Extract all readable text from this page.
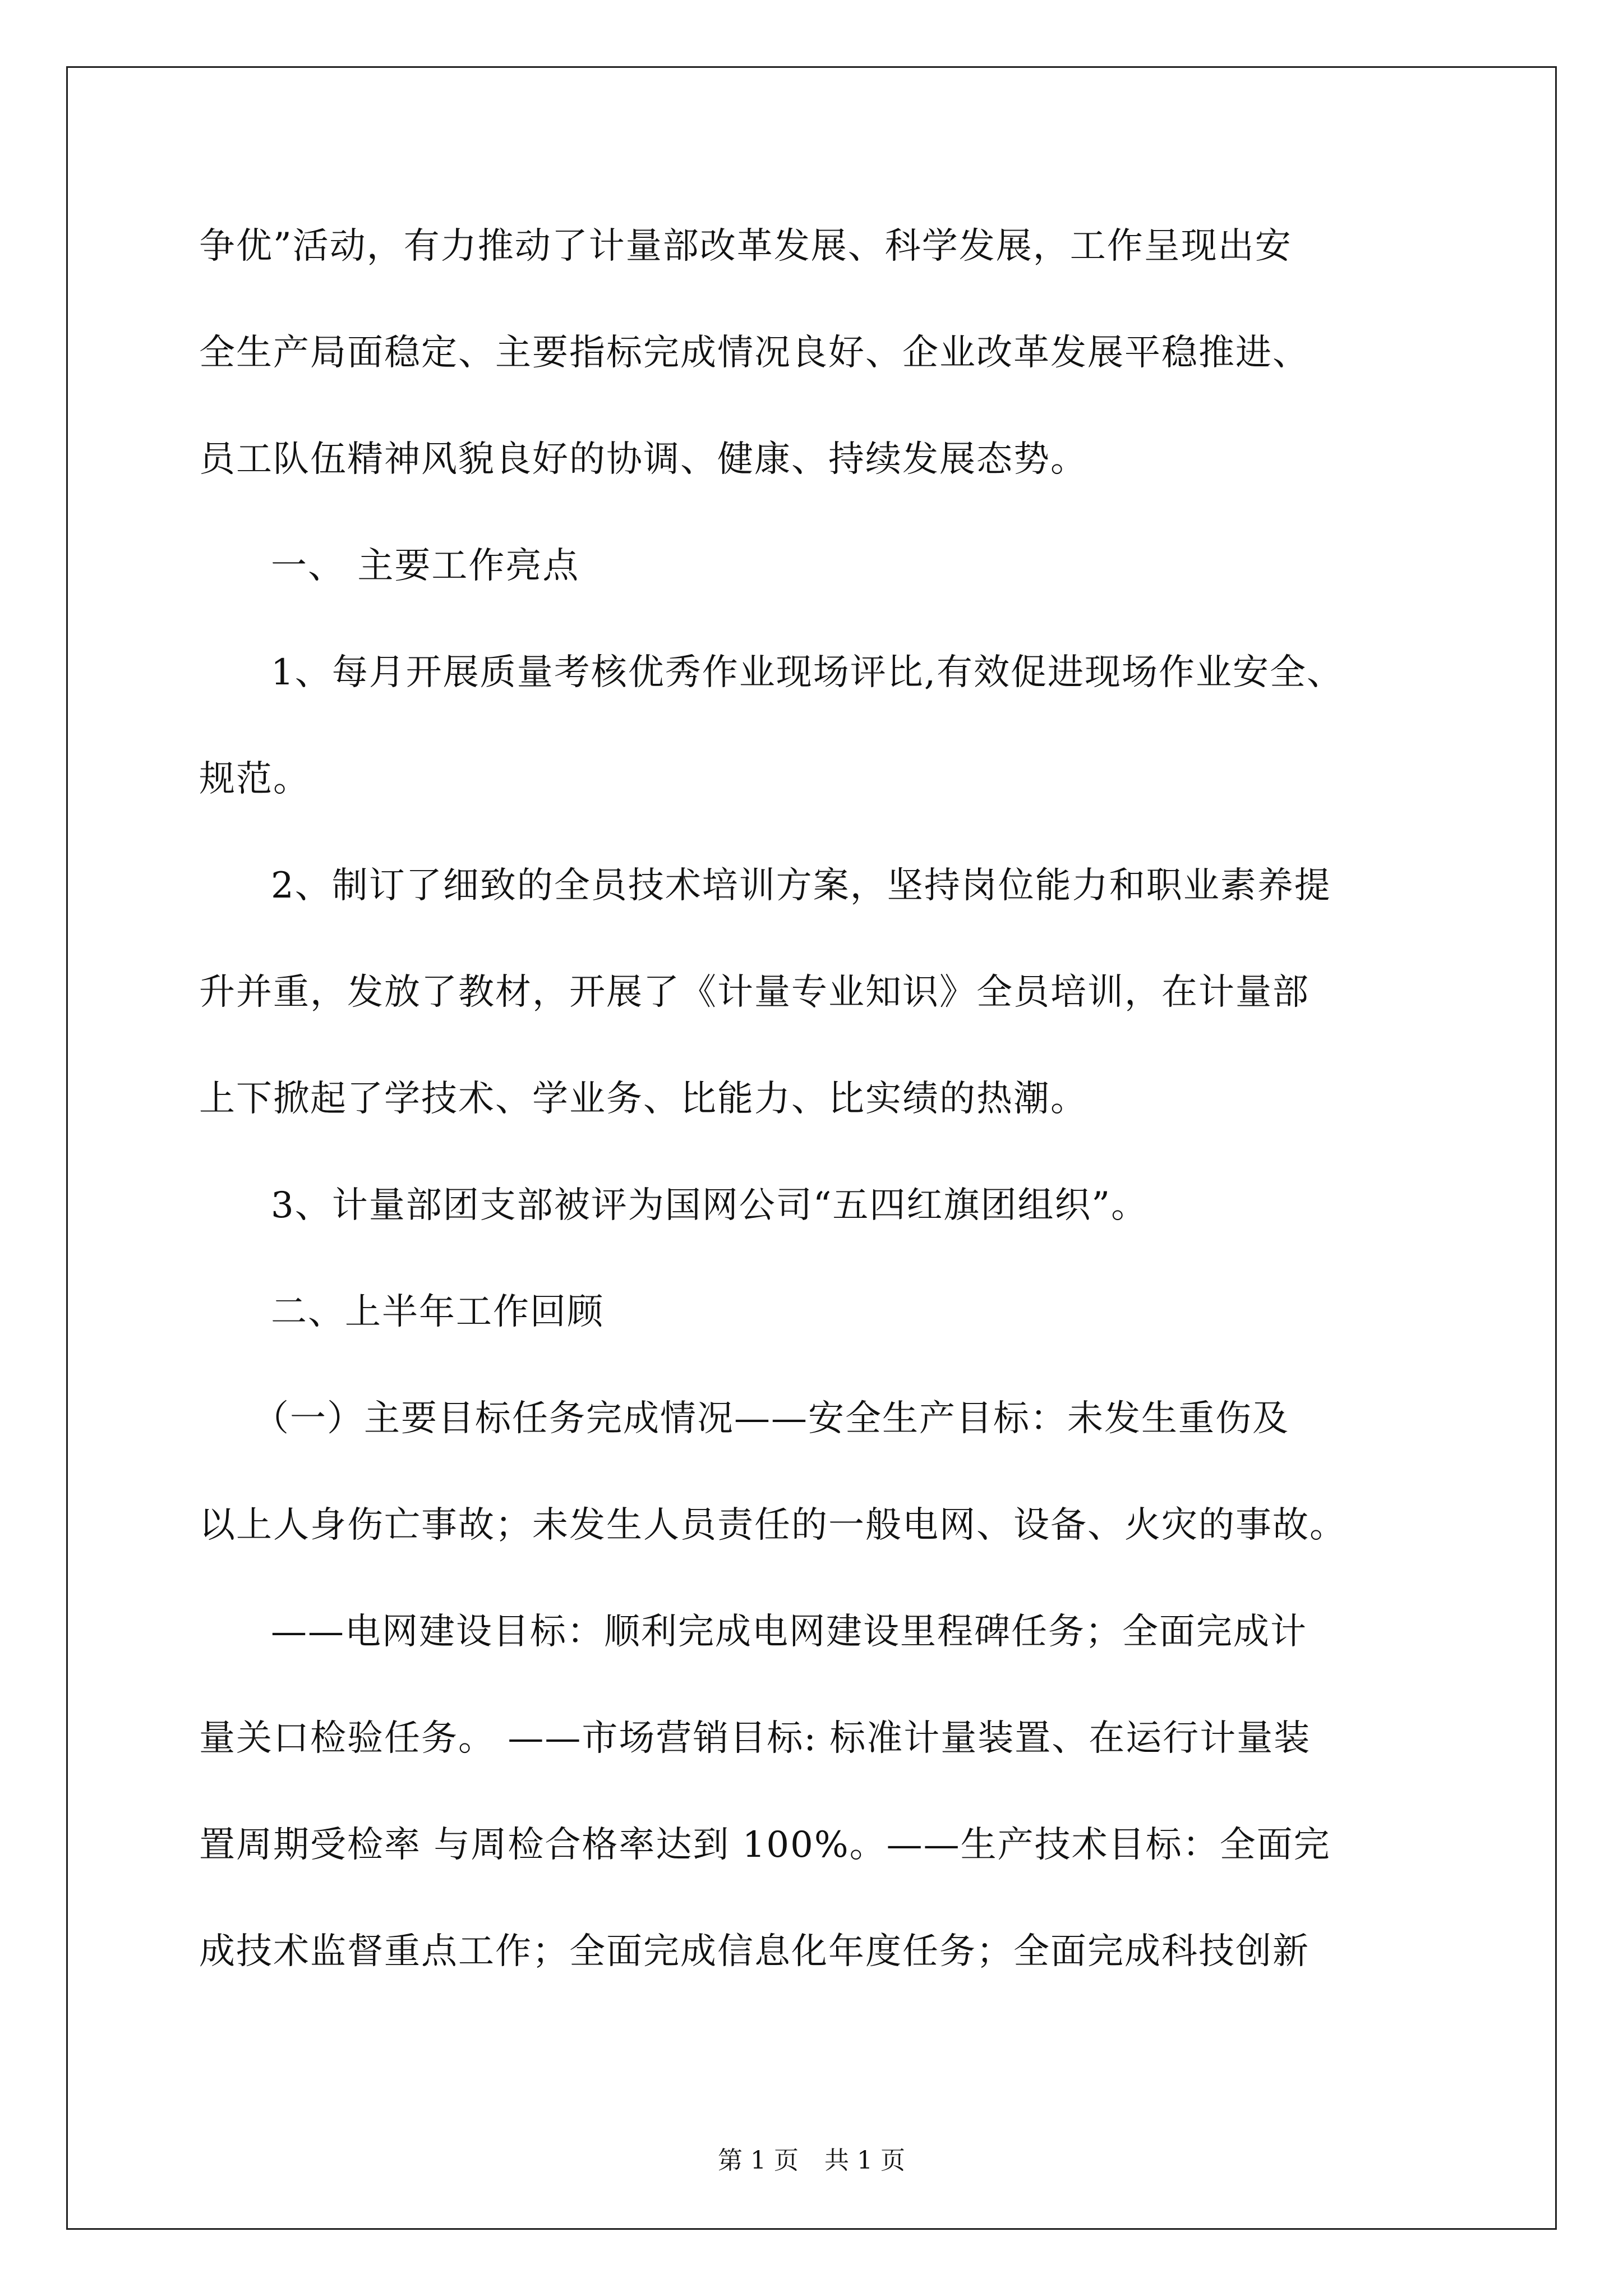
争优”活动，有力推动了计量部改革发展、科学发展，工作呈现出安

全生产局面稳定、主要指标完成情况良好、企业改革发展平稳推进、

员工队伍精神风貌良好的协调、健康、持续发展态势。

一、 主要工作亮点

1、每月开展质量考核优秀作业现场评比,有效促进现场作业安全、

规范。

2、制订了细致的全员技术培训方案，坚持岗位能力和职业素养提

升并重，发放了教材，开展了《计量专业知识》全员培训，在计量部

上下掀起了学技术、学业务、比能力、比实绩的热潮。

3、计量部团支部被评为国网公司“五四红旗团组织”。

二、上半年工作回顾

（一）主要目标任务完成情况——安全生产目标：未发生重伤及

以上人身伤亡事故；未发生人员责任的一般电网、设备、火灾的事故。

——电网建设目标：顺利完成电网建设里程碑任务；全面完成计

量关口检验任务。 ——市场营销目标: 标准计量装置、在运行计量装

置周期受检率 与周检合格率达到 100%。——生产技术目标：全面完

成技术监督重点工作；全面完成信息化年度任务；全面完成科技创新

第 1 页 共 1 页
